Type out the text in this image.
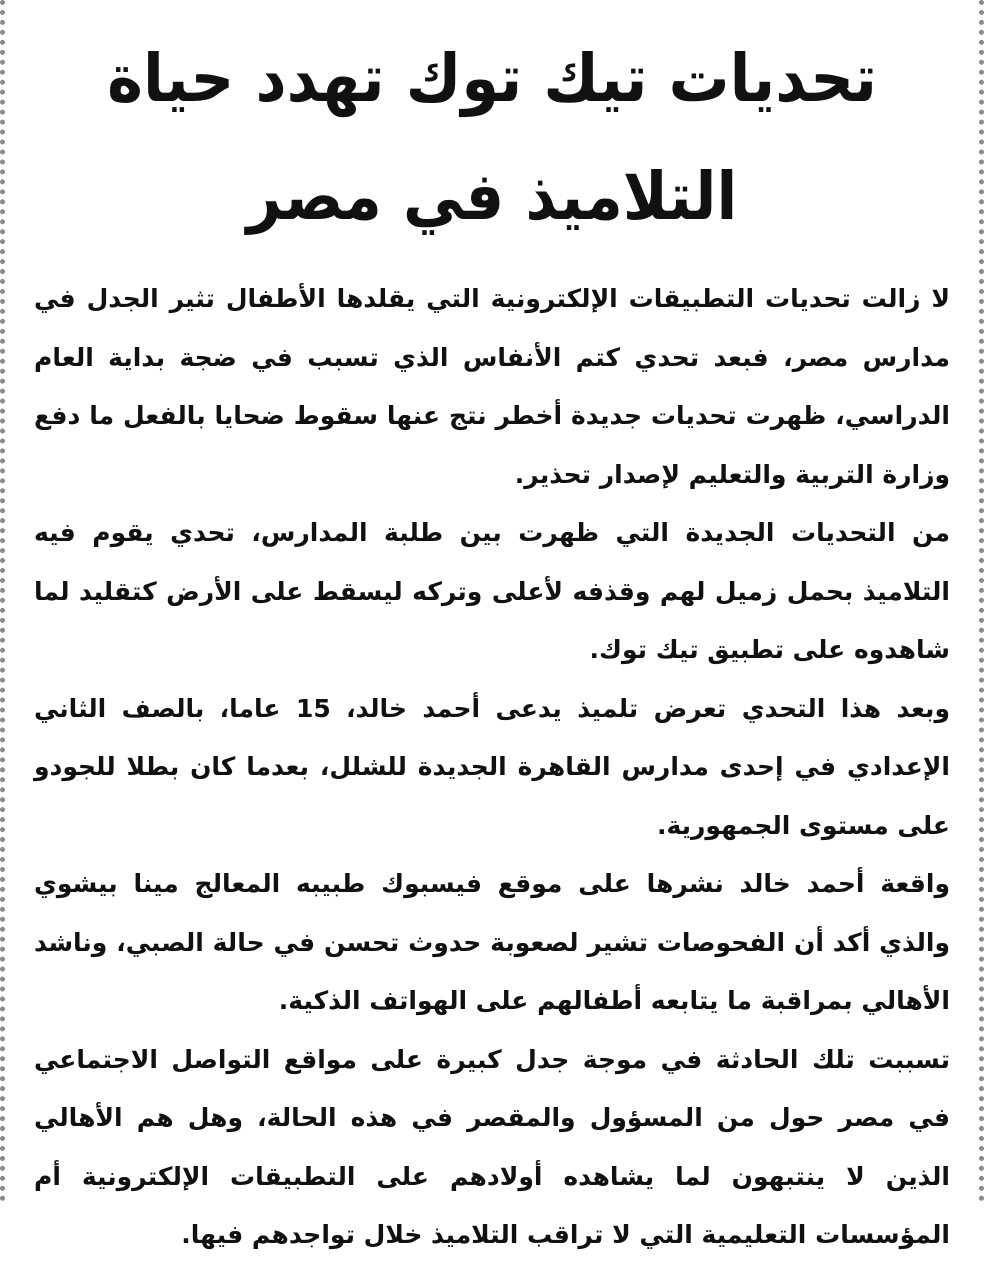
تحديات تيك توك تهدد حياة التلاميذ في مصر

لا زالت تحديات التطبيقات الإلكترونية التي يقلدها الأطفال تثير الجدل في مدارس مصر، فبعد تحدي كتم الأنفاس الذي تسبب في ضجة بداية العام الدراسي، ظهرت تحديات جديدة أخطر نتج عنها سقوط ضحايا بالفعل ما دفع وزارة التربية والتعليم لإصدار تحذير.

من التحديات الجديدة التي ظهرت بين طلبة المدارس، تحدي يقوم فيه التلاميذ بحمل زميل لهم وقذفه لأعلى وتركه ليسقط على الأرض كتقليد لما شاهدوه على تطبيق تيك توك.

وبعد هذا التحدي تعرض تلميذ يدعى أحمد خالد، 15 عاما، بالصف الثاني الإعدادي في إحدى مدارس القاهرة الجديدة للشلل، بعدما كان بطلا للجودو على مستوى الجمهورية.

واقعة أحمد خالد نشرها على موقع فيسبوك طبيبه المعالج مينا بيشوي والذي أكد أن الفحوصات تشير لصعوبة حدوث تحسن في حالة الصبي، وناشد الأهالي بمراقبة ما يتابعه أطفالهم على الهواتف الذكية.

تسببت تلك الحادثة في موجة جدل كبيرة على مواقع التواصل الاجتماعي في مصر حول من المسؤول والمقصر في هذه الحالة، وهل هم الأهالي الذين لا ينتبهون لما يشاهده أولادهم على التطبيقات الإلكترونية أم المؤسسات التعليمية التي لا تراقب التلاميذ خلال تواجدهم فيها.
